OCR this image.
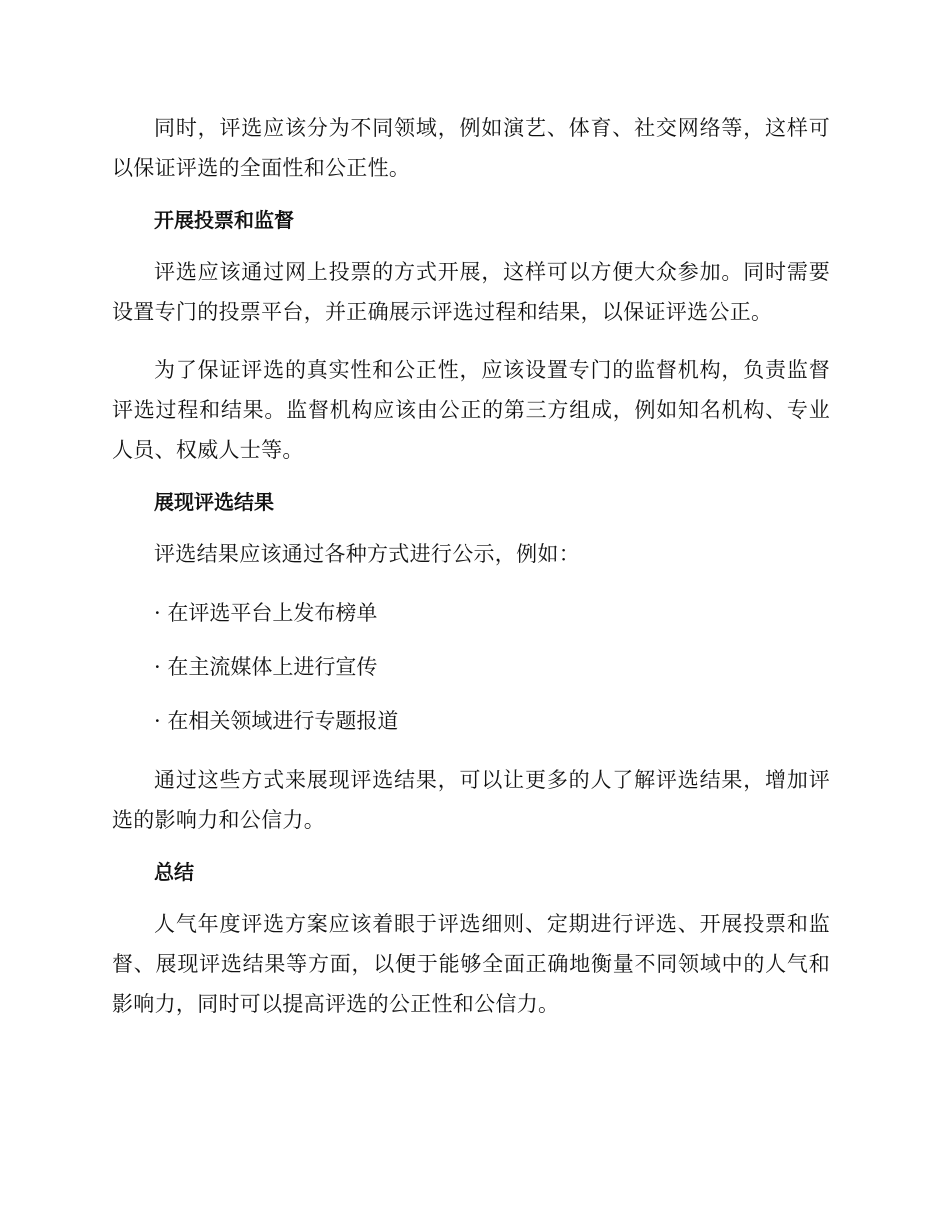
同时，评选应该分为不同领域，例如演艺、体育、社交网络等，这样可以保证评选的全面性和公正性。

开展投票和监督

评选应该通过网上投票的方式开展，这样可以方便大众参加。同时需要设置专门的投票平台，并正确展示评选过程和结果，以保证评选公正。

为了保证评选的真实性和公正性，应该设置专门的监督机构，负责监督评选过程和结果。监督机构应该由公正的第三方组成，例如知名机构、专业人员、权威人士等。

展现评选结果

评选结果应该通过各种方式进行公示，例如：

· 在评选平台上发布榜单

· 在主流媒体上进行宣传

· 在相关领域进行专题报道

通过这些方式来展现评选结果，可以让更多的人了解评选结果，增加评选的影响力和公信力。

总结

人气年度评选方案应该着眼于评选细则、定期进行评选、开展投票和监督、展现评选结果等方面，以便于能够全面正确地衡量不同领域中的人气和影响力，同时可以提高评选的公正性和公信力。
